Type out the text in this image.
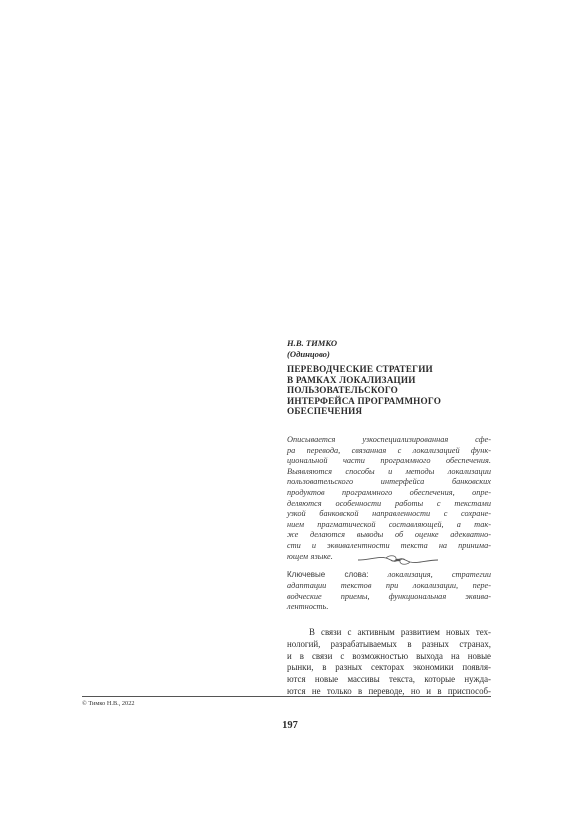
Н.В. ТИМКО
(Одинцово)
ПЕРЕВОДЧЕСКИЕ СТРАТЕГИИ
В РАМКАХ ЛОКАЛИЗАЦИИ
ПОЛЬЗОВАТЕЛЬСКОГО
ИНТЕРФЕЙСА ПРОГРАММНОГО
ОБЕСПЕЧЕНИЯ
Описывается узкоспециализированная сфе-
ра перевода, связанная с локализацией функ-
циональной части программного обеспечения.
Выявляются способы и методы локализации
пользовательского интерфейса банковских
продуктов программного обеспечения, опре-
деляются особенности работы с текстами
узкой банковской направленности с сохране-
нием прагматической составляющей, а так-
же делаются выводы об оценке адекватно-
сти и эквивалентности текста на принима-
ющем языке.
Ключевые слова: локализация, стратегии
адаптации текстов при локализации, пере-
водческие приемы, функциональная эквива-
лентность.
В связи с активным развитием новых тех-
нологий, разрабатываемых в разных странах,
и в связи с возможностью выхода на новые
рынки, в разных секторах экономики появля-
ются новые массивы текста, которые нужда-
ются не только в переводе, но и в приспособ-
© Тимко Н.В., 2022
197
